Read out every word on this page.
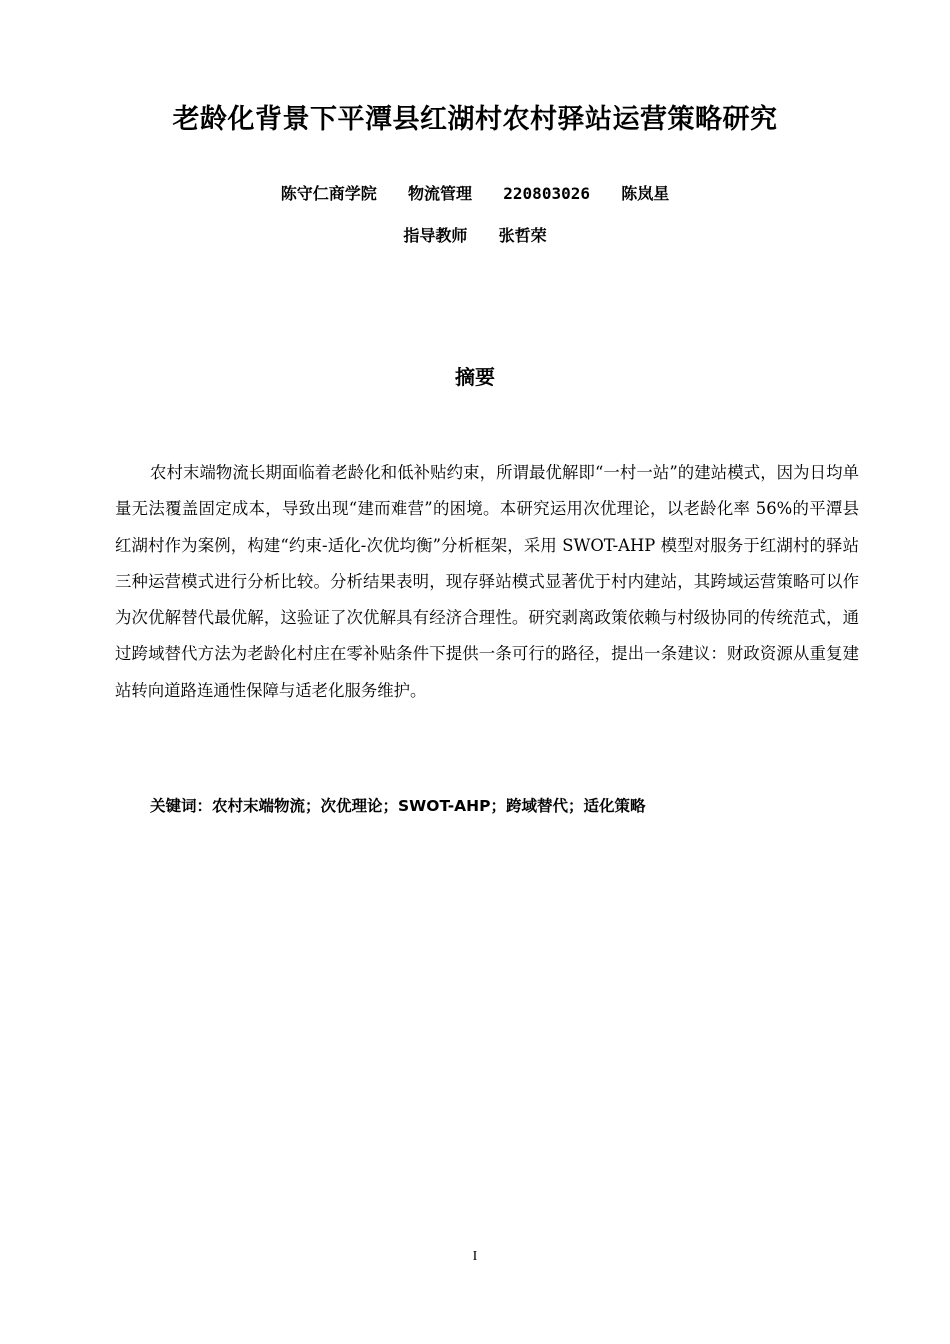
老龄化背景下平潭县红湖村农村驿站运营策略研究
陈守仁商学院  物流管理  220803026  陈岚星
指导教师  张哲荣
摘要

农村末端物流长期面临着老龄化和低补贴约束，所谓最优解即“一村一站”的建站模式，因为日均单量无法覆盖固定成本，导致出现“建而难营”的困境。本研究运用次优理论，以老龄化率 56%的平潭县红湖村作为案例，构建“约束-适化-次优均衡”分析框架，采用 SWOT-AHP 模型对服务于红湖村的驿站三种运营模式进行分析比较。分析结果表明，现存驿站模式显著优于村内建站，其跨域运营策略可以作为次优解替代最优解，这验证了次优解具有经济合理性。研究剥离政策依赖与村级协同的传统范式，通过跨域替代方法为老龄化村庄在零补贴条件下提供一条可行的路径，提出一条建议：财政资源从重复建站转向道路连通性保障与适老化服务维护。

关键词：农村末端物流；次优理论；SWOT-AHP；跨域替代；适化策略
I
